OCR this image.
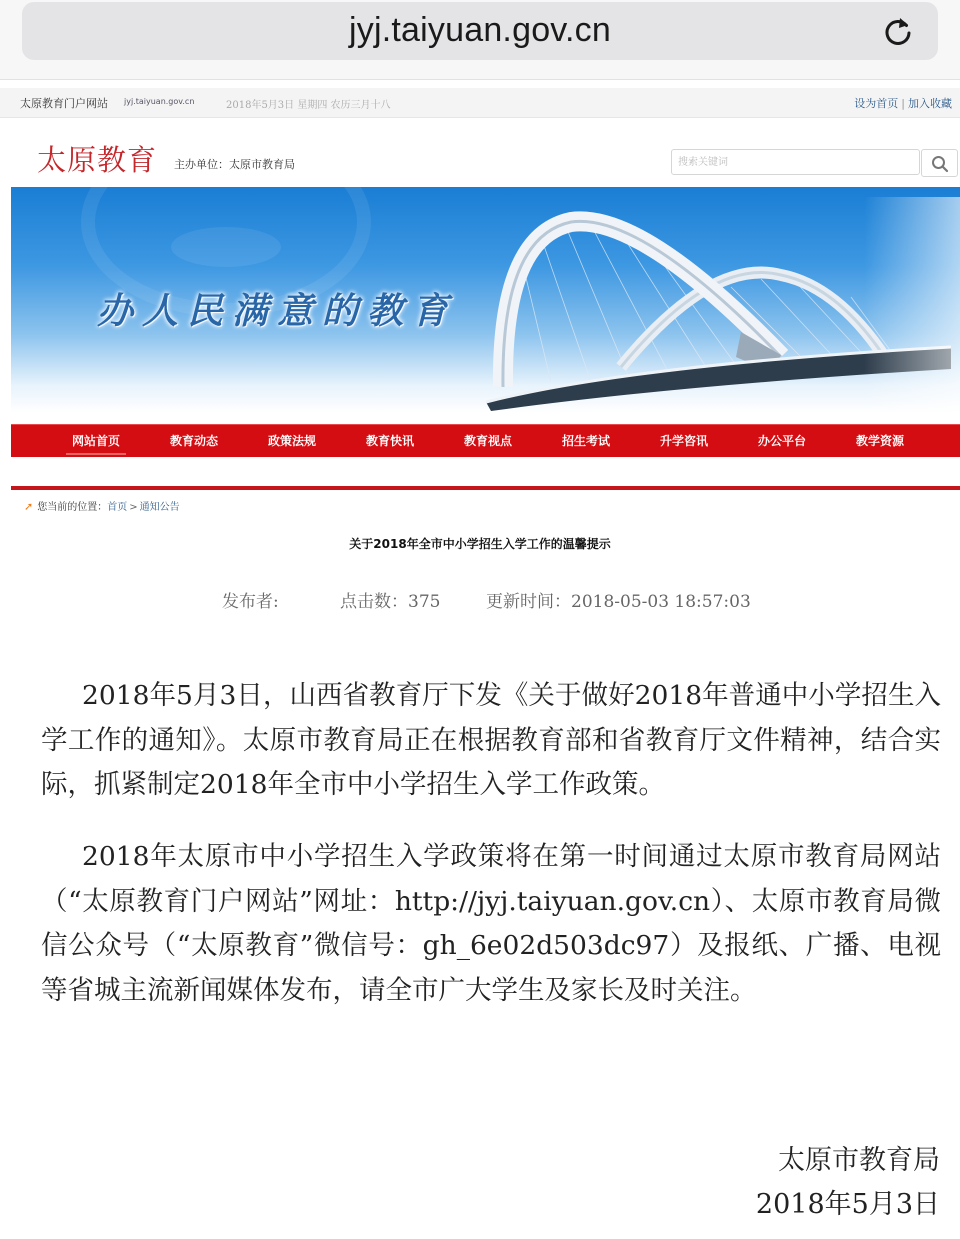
jyj.taiyuan.gov.cn
太原教育门户网站 jyj.taiyuan.gov.cn	2018年5月3日 星期四 农历三月十八	设为首页 | 加入收藏
太原教育 主办单位：太原市教育局
搜索关键词
办人民满意的教育
网站首页	教育动态	政策法规	教育快讯	教育视点	招生考试	升学咨讯	办公平台	教学资源
➚ 您当前的位置：首页 > 通知公告
关于2018年全市中小学招生入学工作的温馨提示
发布者:	点击数：375	更新时间：2018-05-03 18:57:03

2018年5月3日，山西省教育厅下发《关于做好2018年普通中小学招生入学工作的通知》。太原市教育局正在根据教育部和省教育厅文件精神，结合实际，抓紧制定2018年全市中小学招生入学工作政策。

2018年太原市中小学招生入学政策将在第一时间通过太原市教育局网站（“太原教育门户网站”网址：http://jyj.taiyuan.gov.cn）、太原市教育局微信公众号（“太原教育”微信号：gh_6e02d503dc97）及报纸、广播、电视等省城主流新闻媒体发布，请全市广大学生及家长及时关注。

太原市教育局
2018年5月3日
